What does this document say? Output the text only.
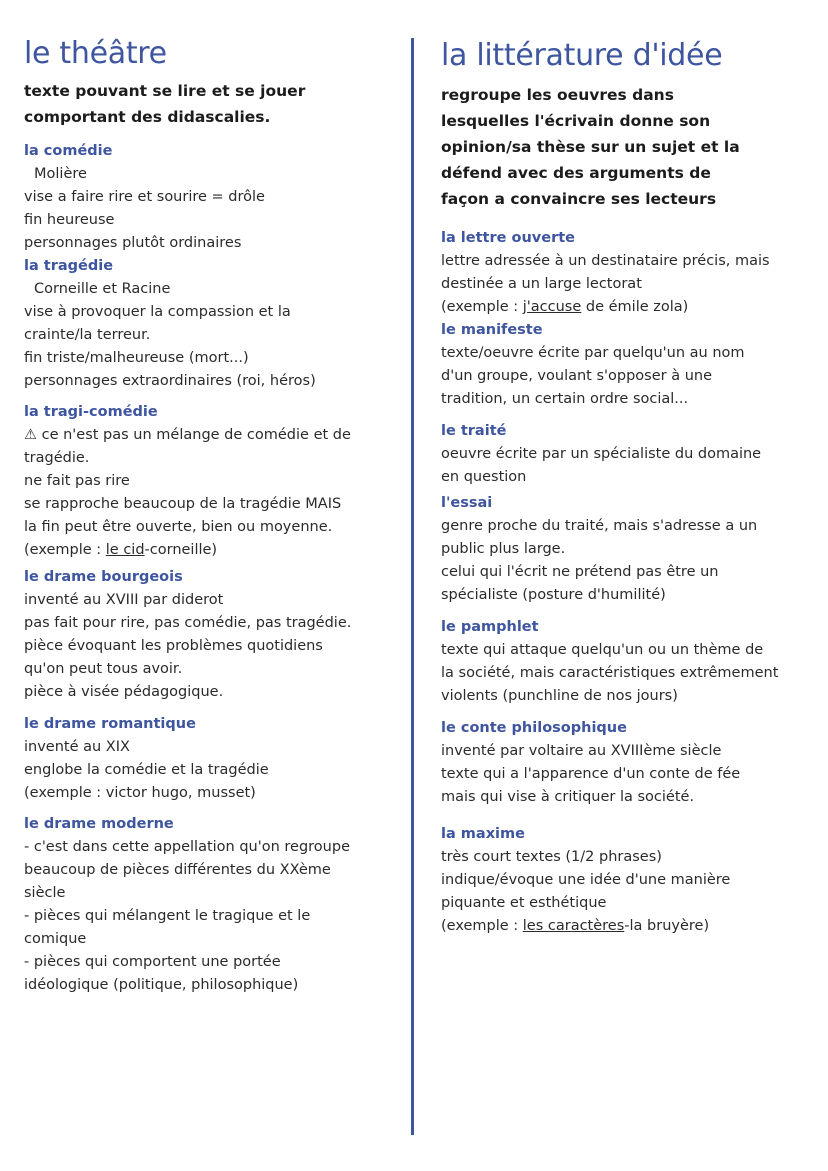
le théâtre
texte pouvant se lire et se jouer
comportant des didascalies.
la comédie
Molière
vise a faire rire et sourire = drôle
fin heureuse
personnages plutôt ordinaires
la tragédie
Corneille et Racine
vise à provoquer la compassion et la
crainte/la terreur.
fin triste/malheureuse (mort...)
personnages extraordinaires (roi, héros)
la tragi-comédie
⚠ ce n'est pas un mélange de comédie et de
tragédie.
ne fait pas rire
se rapproche beaucoup de la tragédie MAIS
la fin peut être ouverte, bien ou moyenne.
(exemple : le cid-corneille)
le drame bourgeois
inventé au XVIII par diderot
pas fait pour rire, pas comédie, pas tragédie.
pièce évoquant les problèmes quotidiens
qu'on peut tous avoir.
pièce à visée pédagogique.
le drame romantique
inventé au XIX
englobe la comédie et la tragédie
(exemple : victor hugo, musset)
le drame moderne
- c'est dans cette appellation qu'on regroupe
beaucoup de pièces différentes du XXème
siècle
- pièces qui mélangent le tragique et le
comique
- pièces qui comportent une portée
idéologique (politique, philosophique)
la littérature d'idée
regroupe les oeuvres dans
lesquelles l'écrivain donne son
opinion/sa thèse sur un sujet et la
défend avec des arguments de
façon a convaincre ses lecteurs
la lettre ouverte
lettre adressée à un destinataire précis, mais
destinée a un large lectorat
(exemple : j'accuse de émile zola)
le manifeste
texte/oeuvre écrite par quelqu'un au nom
d'un groupe, voulant s'opposer à une
tradition, un certain ordre social...
le traité
oeuvre écrite par un spécialiste du domaine
en question
l'essai
genre proche du traité, mais s'adresse a un
public plus large.
celui qui l'écrit ne prétend pas être un
spécialiste (posture d'humilité)
le pamphlet
texte qui attaque quelqu'un ou un thème de
la société, mais caractéristiques extrêmement
violents (punchline de nos jours)
le conte philosophique
inventé par voltaire au XVIIIème siècle
texte qui a l'apparence d'un conte de fée
mais qui vise à critiquer la société.
la maxime
très court textes (1/2 phrases)
indique/évoque une idée d'une manière
piquante et esthétique
(exemple : les caractères-la bruyère)
